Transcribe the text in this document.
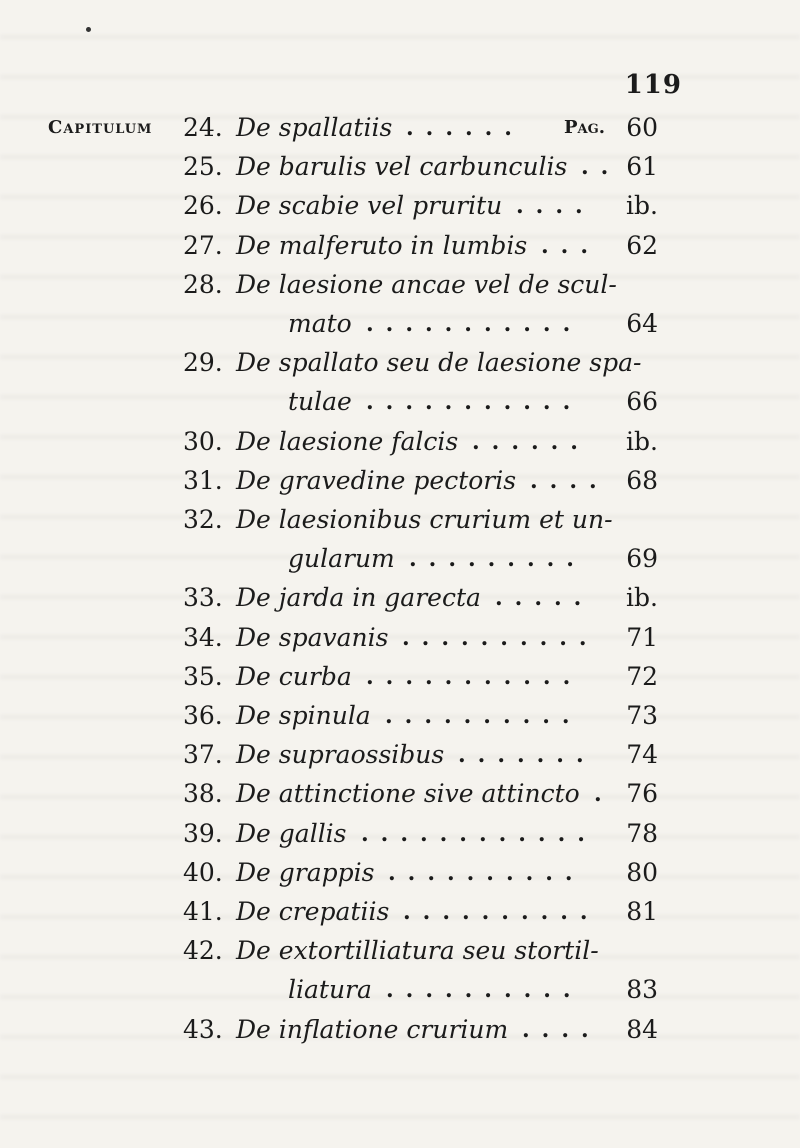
119
Capitulum 24. De spallatiis	60
Pag.
......
25. De barulis vel carbunculis 61
..
26. De scabie vel pruritu	ib.
....
27. De malferuto in lumbis	62
...
28. De laesione ancae vel de scul-
mato	64
...........
29. De spallato seu de laesione spa-
tulae	66
...........
30. De laesione falcis	ib.
......
31. De gravedine pectoris	68
....
32. De laesionibus crurium et un-
gularum	69
.........
33. De jarda in garecta	ib.
.....
34. De spavanis	71
..........
35. De curba	72
...........
36. De spinula	73
..........
37. De supraossibus	74
.......
38. De attinctione sive attincto 76
.
39. De gallis	78
............
40. De grappis	80
..........
41. De crepatiis	81
..........
42. De extortilliatura seu stortil-
liatura	83
..........
43. De inflatione crurium	84
....
